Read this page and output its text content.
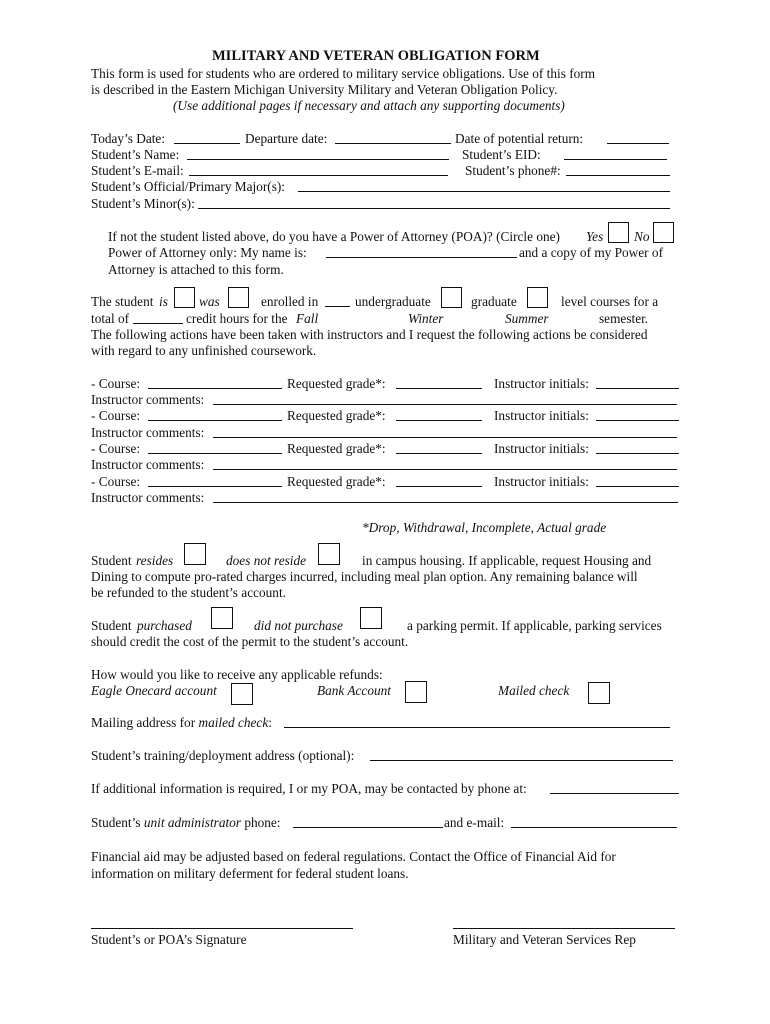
MILITARY AND VETERAN OBLIGATION FORM
This form is used for students who are ordered to military service obligations. Use of this form
is described in the Eastern Michigan University Military and Veteran Obligation Policy.
(Use additional pages if necessary and attach any supporting documents)
Today’s Date:	Departure date:	Date of potential return:
Student’s Name:	Student’s EID:
Student’s E-mail:	Student’s phone#:
Student’s Official/Primary Major(s):
Student’s Minor(s):
If not the student listed above, do you have a Power of Attorney (POA)? (Circle one) Yes No
Power of Attorney only: My name is:	and a copy of my Power of
Attorney is attached to this form.
The student is was	enrolled in	undergraduate	graduate	level courses for a
total of	credit hours for the Fall	Winter	Summer	semester.
The following actions have been taken with instructors and I request the following actions be considered
with regard to any unfinished coursework.
- Course:	Requested grade*:	Instructor initials:
Instructor comments:
- Course:	Requested grade*:	Instructor initials:
Instructor comments:
- Course:	Requested grade*:	Instructor initials:
Instructor comments:
- Course:	Requested grade*:	Instructor initials:
Instructor comments:
*Drop, Withdrawal, Incomplete, Actual grade
Student resides	does not reside	in campus housing. If applicable, request Housing and
Dining to compute pro-rated charges incurred, including meal plan option. Any remaining balance will
be refunded to the student’s account.
Student purchased	did not purchase	a parking permit. If applicable, parking services
should credit the cost of the permit to the student’s account.
How would you like to receive any applicable refunds:
Eagle Onecard account	Bank Account	Mailed check
Mailing address for mailed check:
Student’s training/deployment address (optional):
If additional information is required, I or my POA, may be contacted by phone at:
Student’s unit administrator phone:	and e-mail:
Financial aid may be adjusted based on federal regulations. Contact the Office of Financial Aid for
information on military deferment for federal student loans.
Student’s or POA’s Signature	Military and Veteran Services Rep
